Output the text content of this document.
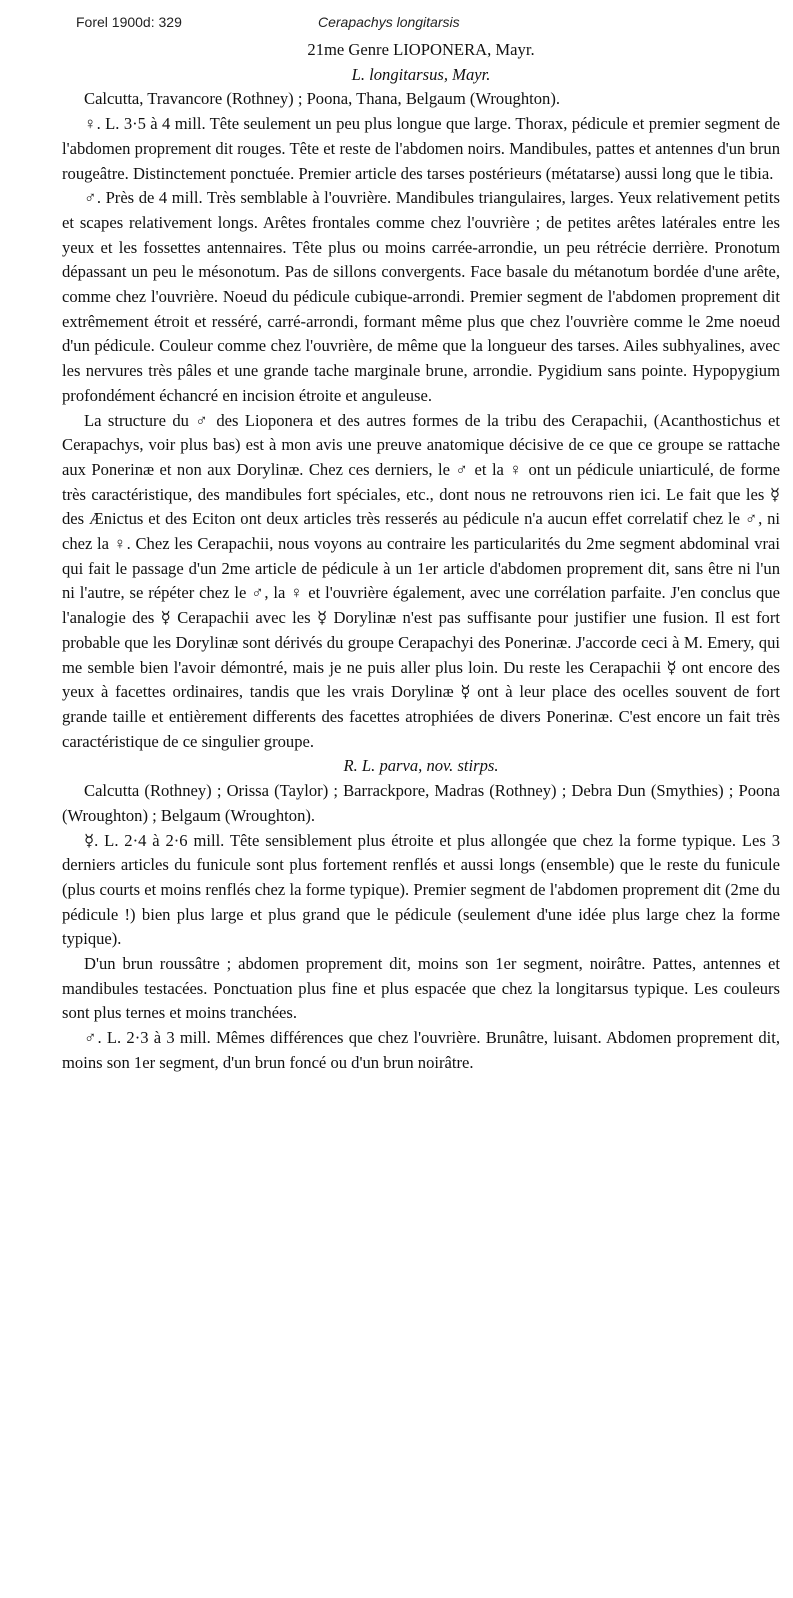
Forel 1900d: 329	Cerapachys longitarsis

21me Genre LIOPONERA, Mayr.

L. longitarsus, Mayr.

Calcutta, Travancore (Rothney) ; Poona, Thana, Belgaum (Wroughton).

♀. L. 3·5 à 4 mill. Tête seulement un peu plus longue que large. Thorax, pédicule et premier segment de l'abdomen proprement dit rouges. Tête et reste de l'abdomen noirs. Mandibules, pattes et antennes d'un brun rougeâtre. Distinctement ponctuée. Premier article des tarses postérieurs (métatarse) aussi long que le tibia.

♂. Près de 4 mill. Très semblable à l'ouvrière. Mandibules triangulaires, larges. Yeux relativement petits et scapes relativement longs. Arêtes frontales comme chez l'ouvrière ; de petites arêtes latérales entre les yeux et les fossettes antennaires. Tête plus ou moins carrée-arrondie, un peu rétrécie derrière. Pronotum dépassant un peu le mésonotum. Pas de sillons convergents. Face basale du métanotum bordée d'une arête, comme chez l'ouvrière. Noeud du pédicule cubique-arrondi. Premier segment de l'abdomen proprement dit extrêmement étroit et resséré, carré-arrondi, formant même plus que chez l'ouvrière comme le 2me noeud d'un pédicule. Couleur comme chez l'ouvrière, de même que la longueur des tarses. Ailes subhyalines, avec les nervures très pâles et une grande tache marginale brune, arrondie. Pygidium sans pointe. Hypopygium profondément échancré en incision étroite et anguleuse.

La structure du ♂ des Lioponera et des autres formes de la tribu des Cerapachii, (Acanthostichus et Cerapachys, voir plus bas) est à mon avis une preuve anatomique décisive de ce que ce groupe se rattache aux Ponerinæ et non aux Dorylinæ. Chez ces derniers, le ♂ et la ♀ ont un pédicule uniarticulé, de forme très caractéristique, des mandibules fort spéciales, etc., dont nous ne retrouvons rien ici. Le fait que les ☿ des Ænictus et des Eciton ont deux articles très resserés au pédicule n'a aucun effet correlatif chez le ♂, ni chez la ♀. Chez les Cerapachii, nous voyons au contraire les particularités du 2me segment abdominal vrai qui fait le passage d'un 2me article de pédicule à un 1er article d'abdomen proprement dit, sans être ni l'un ni l'autre, se répéter chez le ♂, la ♀ et l'ouvrière également, avec une corrélation parfaite. J'en conclus que l'analogie des ☿ Cerapachii avec les ☿ Dorylinæ n'est pas suffisante pour justifier une fusion. Il est fort probable que les Dorylinæ sont dérivés du groupe Cerapachyi des Ponerinæ. J'accorde ceci à M. Emery, qui me semble bien l'avoir démontré, mais je ne puis aller plus loin. Du reste les Cerapachii ☿ ont encore des yeux à facettes ordinaires, tandis que les vrais Dorylinæ ☿ ont à leur place des ocelles souvent de fort grande taille et entièrement differents des facettes atrophiées de divers Ponerinæ. C'est encore un fait très caractéristique de ce singulier groupe.

R. L. parva, nov. stirps.

Calcutta (Rothney) ; Orissa (Taylor) ; Barrackpore, Madras (Rothney) ; Debra Dun (Smythies) ; Poona (Wroughton) ; Belgaum (Wroughton).

☿. L. 2·4 à 2·6 mill. Tête sensiblement plus étroite et plus allongée que chez la forme typique. Les 3 derniers articles du funicule sont plus fortement renflés et aussi longs (ensemble) que le reste du funicule (plus courts et moins renflés chez la forme typique). Premier segment de l'abdomen proprement dit (2me du pédicule !) bien plus large et plus grand que le pédicule (seulement d'une idée plus large chez la forme typique).

D'un brun roussâtre ; abdomen proprement dit, moins son 1er segment, noirâtre. Pattes, antennes et mandibules testacées. Ponctuation plus fine et plus espacée que chez la longitarsus typique. Les couleurs sont plus ternes et moins tranchées.

♂. L. 2·3 à 3 mill. Mêmes différences que chez l'ouvrière. Brunâtre, luisant. Abdomen proprement dit, moins son 1er segment, d'un brun foncé ou d'un brun noirâtre.
